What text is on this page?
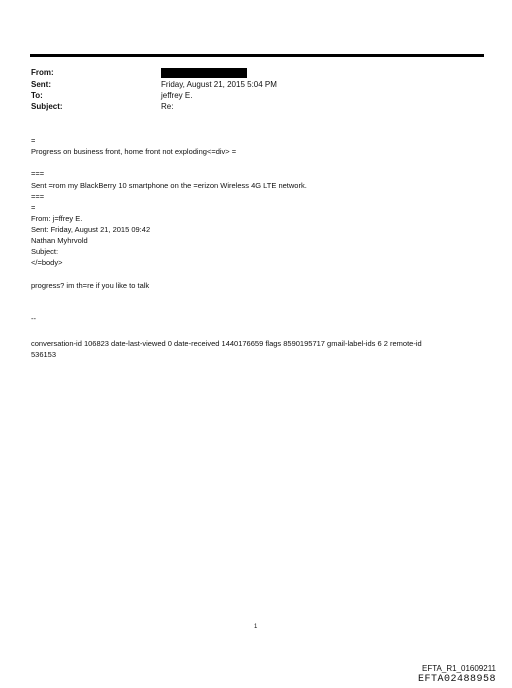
From:
Sent:	Friday, August 21, 2015 5:04 PM
To:	jeffrey E.
Subject:	Re:
=
Progress on business front, home front not exploding<=div> =
===
Sent =rom my BlackBerry 10 smartphone on the =erizon Wireless 4G LTE network.
===
=
From: j=ffrey E.
Sent: Friday, August 21, 2015 09:42
Nathan Myhrvold
Subject:
</=body>
progress? im th=re if you like to talk
--
conversation-id 106823 date-last-viewed 0 date-received 1440176659 flags 8590195717 gmail-label-ids 6 2 remote-id
536153
1
EFTA_R1_01609211
EFTA02488958
